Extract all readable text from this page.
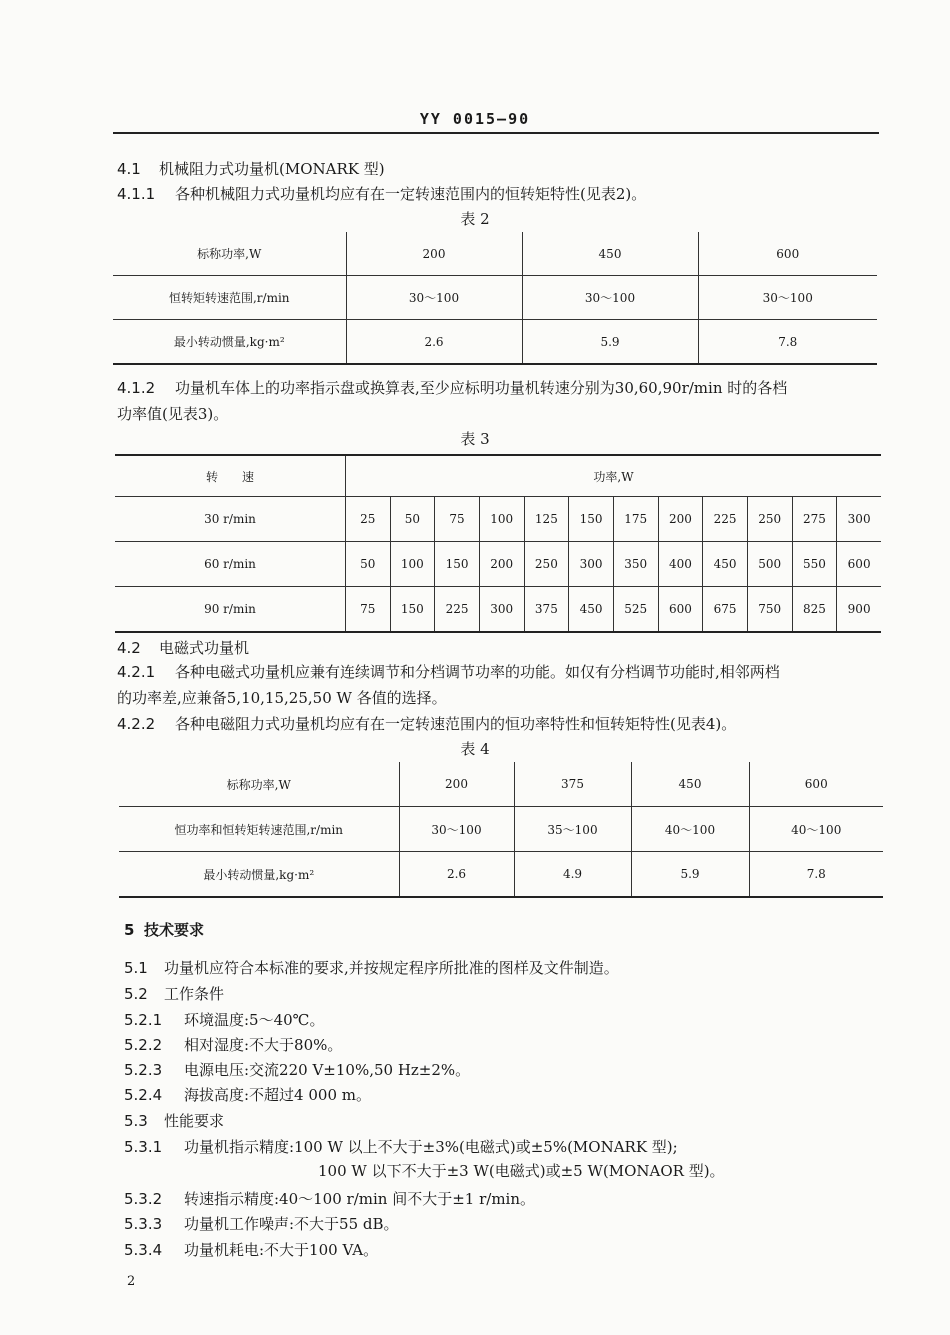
YY 0015—90
4.1 机械阻力式功量机(MONARK 型)
4.1.1 各种机械阻力式功量机均应有在一定转速范围内的恒转矩特性(见表2)。
表 2
标称功率,W	200	450	600
恒转矩转速范围,r/min	30～100	30～100	30～100
最小转动惯量,kg·m²	2.6	5.9	7.8
4.1.2 功量机车体上的功率指示盘或换算表,至少应标明功量机转速分别为30,60,90r/min 时的各档
功率值(见表3)。
表 3
转　　速	功率,W											
30 r/min	25	50	75	100	125	150	175	200	225	250	275	300
60 r/min	50	100	150	200	250	300	350	400	450	500	550	600
90 r/min	75	150	225	300	375	450	525	600	675	750	825	900
4.2 电磁式功量机
4.2.1 各种电磁式功量机应兼有连续调节和分档调节功率的功能。如仅有分档调节功能时,相邻两档
的功率差,应兼备5,10,15,25,50 W 各值的选择。
4.2.2 各种电磁阻力式功量机均应有在一定转速范围内的恒功率特性和恒转矩特性(见表4)。
表 4
标称功率,W	200	375	450	600
恒功率和恒转矩转速范围,r/min	30～100	35～100	40～100	40～100
最小转动惯量,kg·m²	2.6	4.9	5.9	7.8
5 技术要求
5.1 功量机应符合本标准的要求,并按规定程序所批准的图样及文件制造。
5.2 工作条件
5.2.1 环境温度:5～40℃。
5.2.2 相对湿度:不大于80%。
5.2.3 电源电压:交流220 V±10%,50 Hz±2%。
5.2.4 海拔高度:不超过4 000 m。
5.3 性能要求
5.3.1 功量机指示精度:100 W 以上不大于±3%(电磁式)或±5%(MONARK 型);
100 W 以下不大于±3 W(电磁式)或±5 W(MONAOR 型)。
5.3.2 转速指示精度:40～100 r/min 间不大于±1 r/min。
5.3.3 功量机工作噪声:不大于55 dB。
5.3.4 功量机耗电:不大于100 VA。
2
